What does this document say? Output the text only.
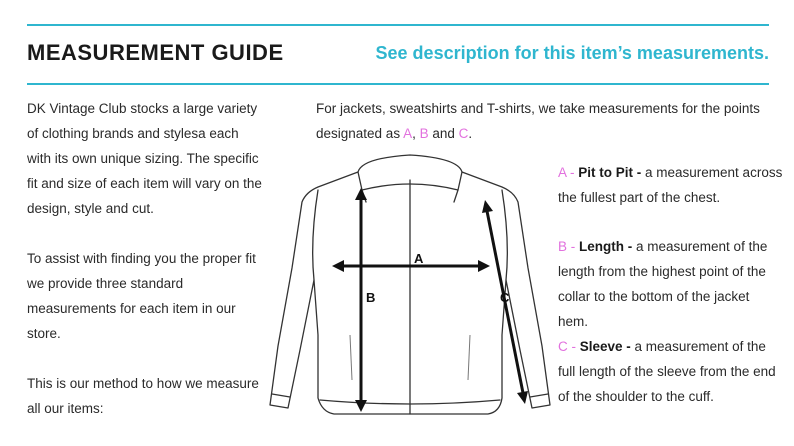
MEASUREMENT GUIDE	See description for this item’s measurements.

DK Vintage Club stocks a large variety of clothing brands and stylesa each with its own unique sizing. The specific fit and size of each item will vary on the design, style and cut.

To assist with finding you the proper fit we provide three standard measurements for each item in our store.

This is our method to how we measure all our items:

For jackets, sweatshirts and T-shirts, we take measurements for the points designated as A, B and C.
A
B	C
A - Pit to Pit - a measurement across the fullest part of the chest.
B - Length - a measurement of the length from the highest point of the collar to the bottom of the jacket hem.
C - Sleeve - a measurement of the full length of the sleeve from the end of the shoulder to the cuff.
